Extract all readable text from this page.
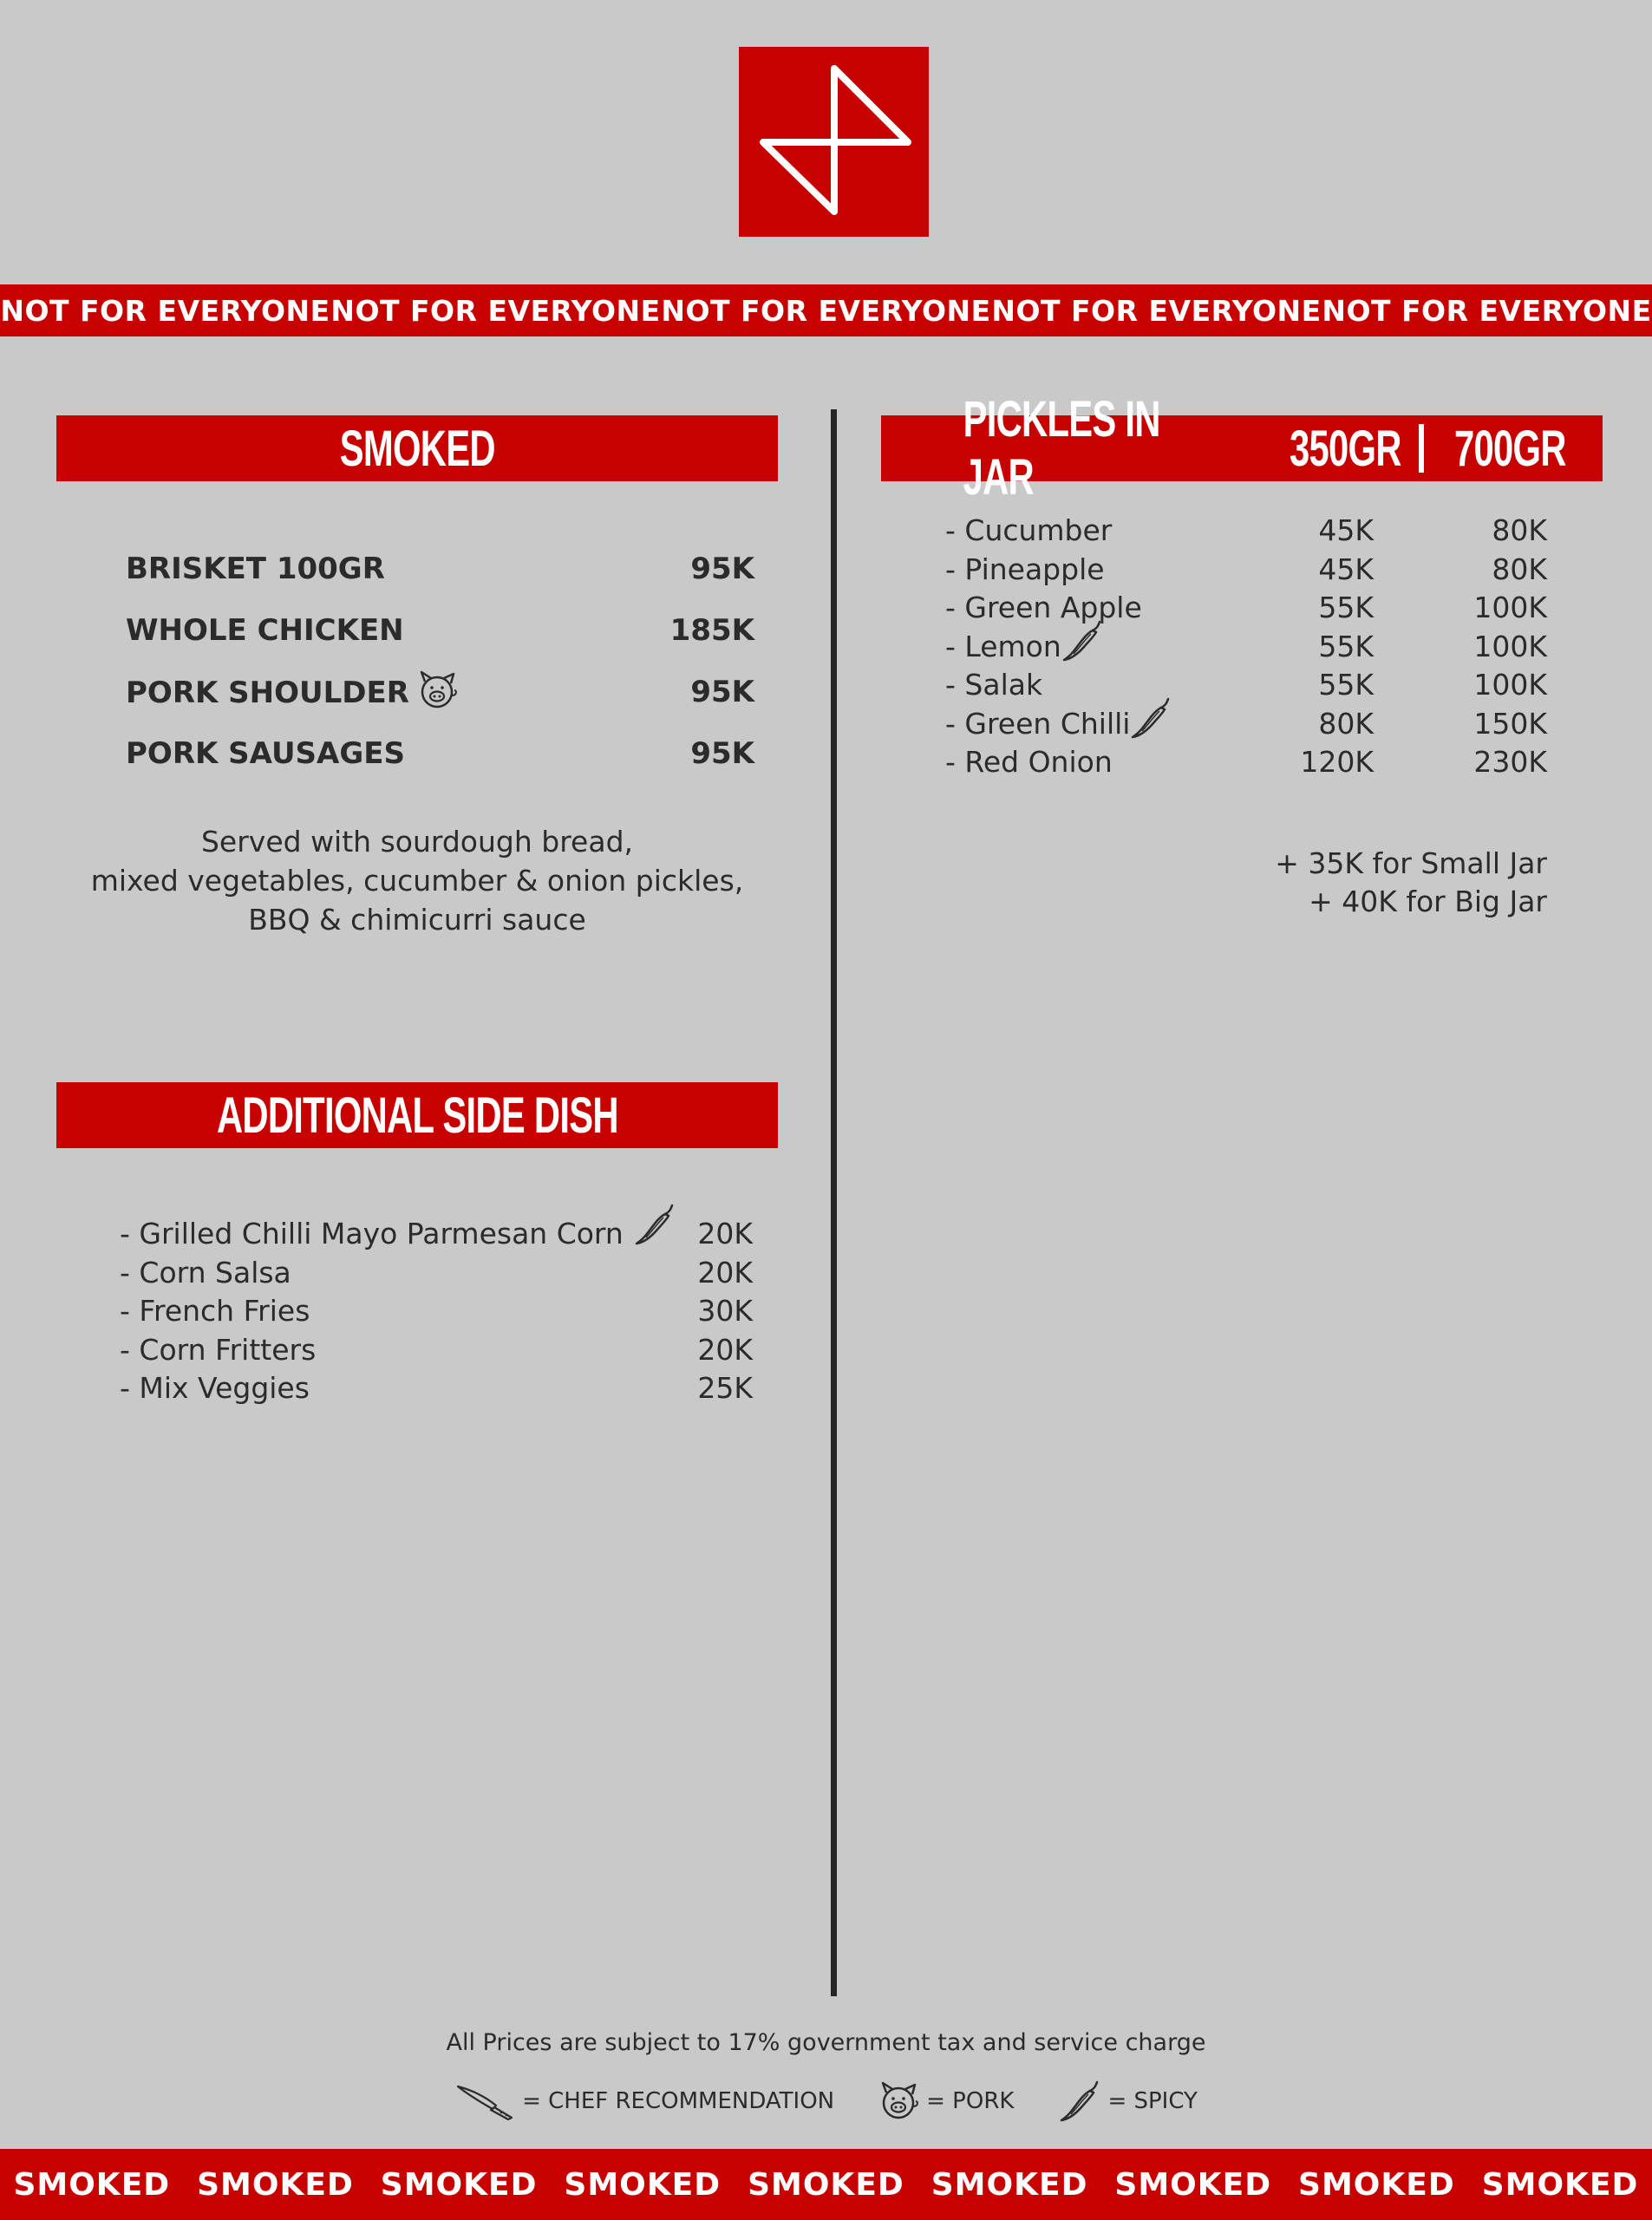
NOT FOR EVERYONE NOT FOR EVERYONE NOT FOR EVERYONE NOT FOR EVERYONE NOT FOR EVERYONE
SMOKED
BRISKET 100GR	95K
WHOLE CHICKEN	185K
PORK SHOULDER	95K
PORK SAUSAGES	95K
Served with sourdough bread,
mixed vegetables, cucumber & onion pickles,
BBQ & chimicurri sauce
ADDITIONAL SIDE DISH
- Grilled Chilli Mayo Parmesan Corn	20K
- Corn Salsa	20K
- French Fries	30K
- Corn Fritters	20K
- Mix Veggies	25K
PICKLES IN JAR
350GR 700GR
- Cucumber	45K	80K
- Pineapple	45K	80K
- Green Apple	55K	100K
- Lemon	55K	100K
- Salak	55K	100K
- Green Chilli	80K	150K
- Red Onion	120K	230K
+ 35K for Small Jar
+ 40K for Big Jar
All Prices are subject to 17% government tax and service charge
= CHEF RECOMMENDATION	= PORK	= SPICY
SMOKED SMOKED SMOKED SMOKED SMOKED SMOKED SMOKED SMOKED SMOKED
